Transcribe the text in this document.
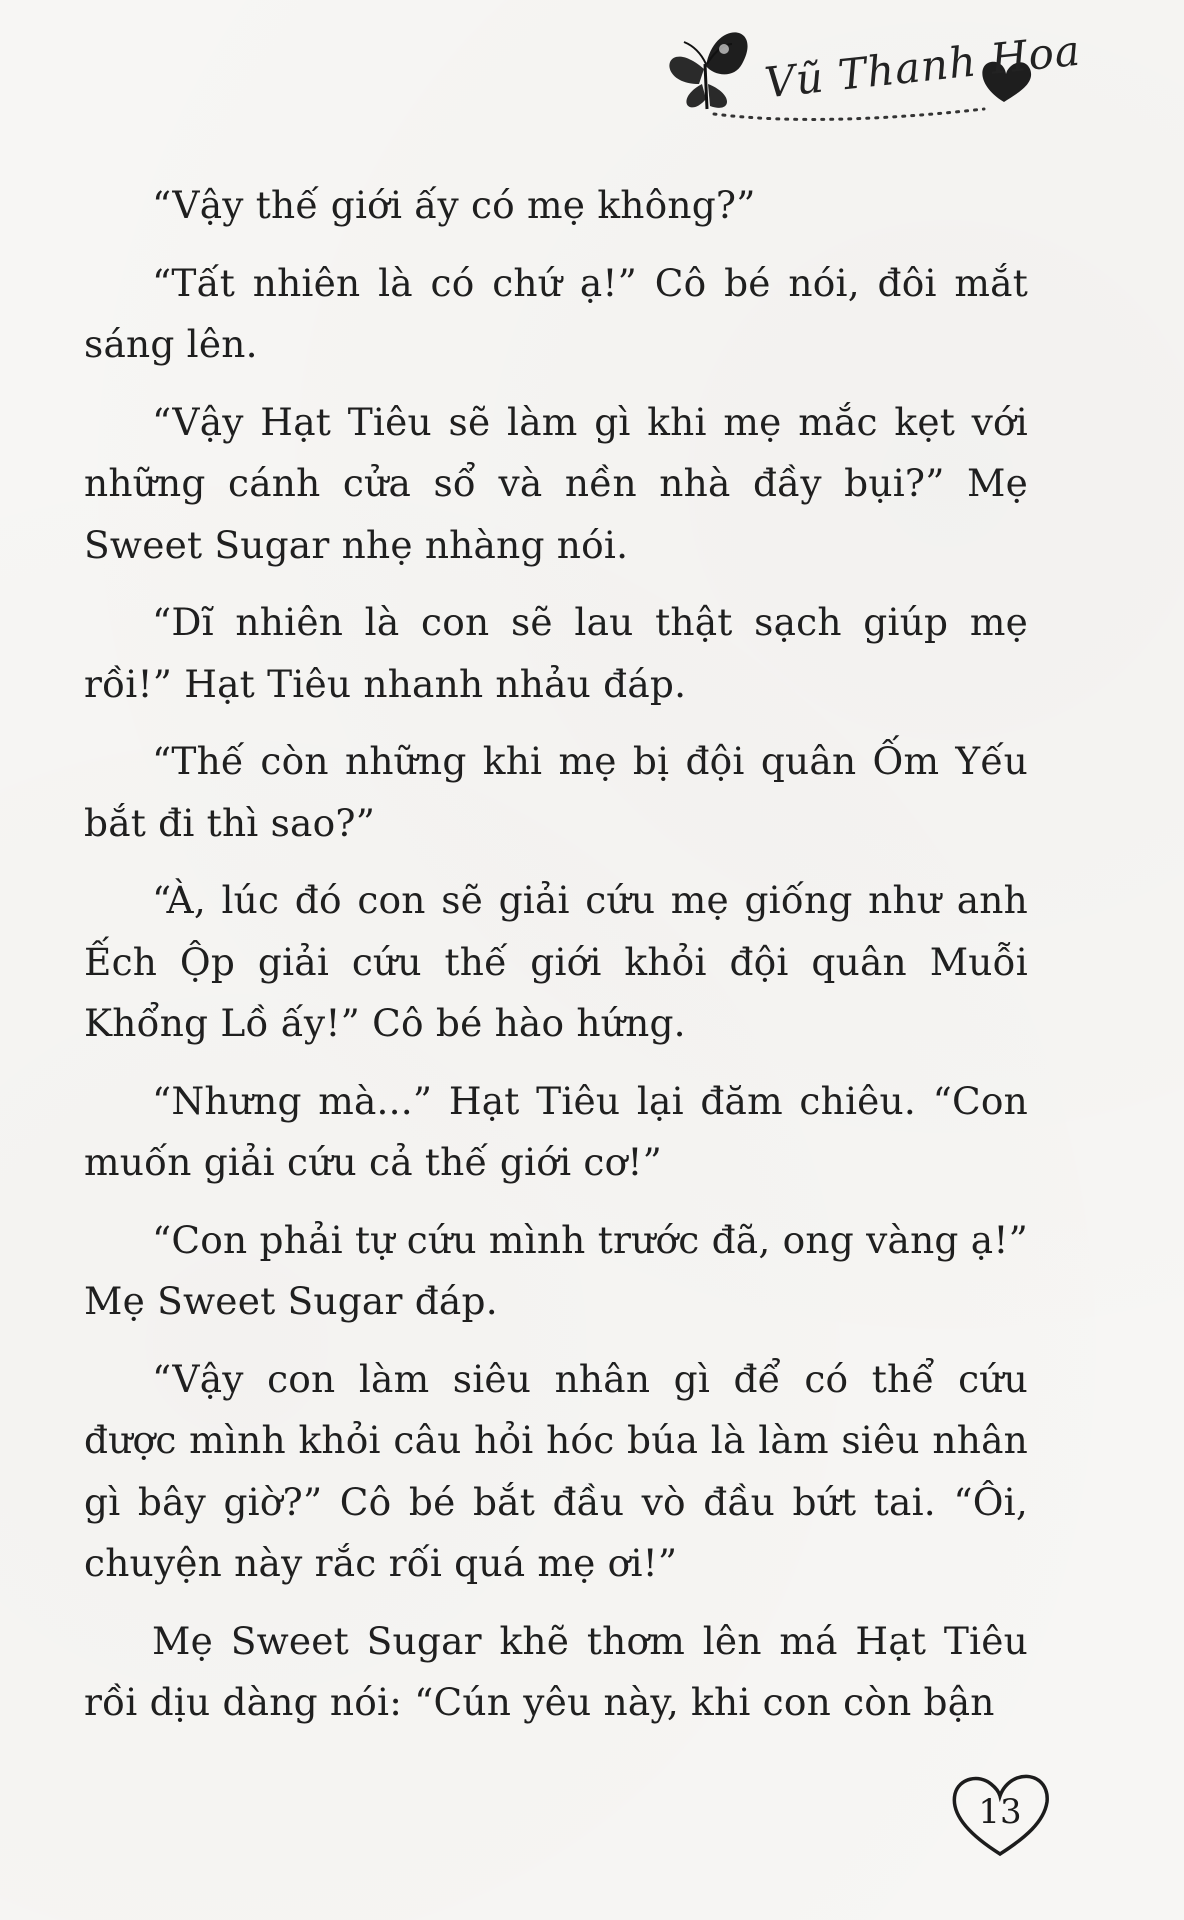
Vũ Thanh Hoa

“Vậy thế giới ấy có mẹ không?”

“Tất nhiên là có chứ ạ!” Cô bé nói, đôi mắt sáng lên.

“Vậy Hạt Tiêu sẽ làm gì khi mẹ mắc kẹt với những cánh cửa sổ và nền nhà đầy bụi?” Mẹ Sweet Sugar nhẹ nhàng nói.

“Dĩ nhiên là con sẽ lau thật sạch giúp mẹ rồi!” Hạt Tiêu nhanh nhảu đáp.

“Thế còn những khi mẹ bị đội quân Ốm Yếu bắt đi thì sao?”

“À, lúc đó con sẽ giải cứu mẹ giống như anh Ếch Ộp giải cứu thế giới khỏi đội quân Muỗi Khổng Lồ ấy!” Cô bé hào hứng.

“Nhưng mà...” Hạt Tiêu lại đăm chiêu. “Con muốn giải cứu cả thế giới cơ!”

“Con phải tự cứu mình trước đã, ong vàng ạ!” Mẹ Sweet Sugar đáp.

“Vậy con làm siêu nhân gì để có thể cứu được mình khỏi câu hỏi hóc búa là làm siêu nhân gì bây giờ?” Cô bé bắt đầu vò đầu bứt tai. “Ôi, chuyện này rắc rối quá mẹ ơi!”

Mẹ Sweet Sugar khẽ thơm lên má Hạt Tiêu rồi dịu dàng nói: “Cún yêu này, khi con còn bận

13
